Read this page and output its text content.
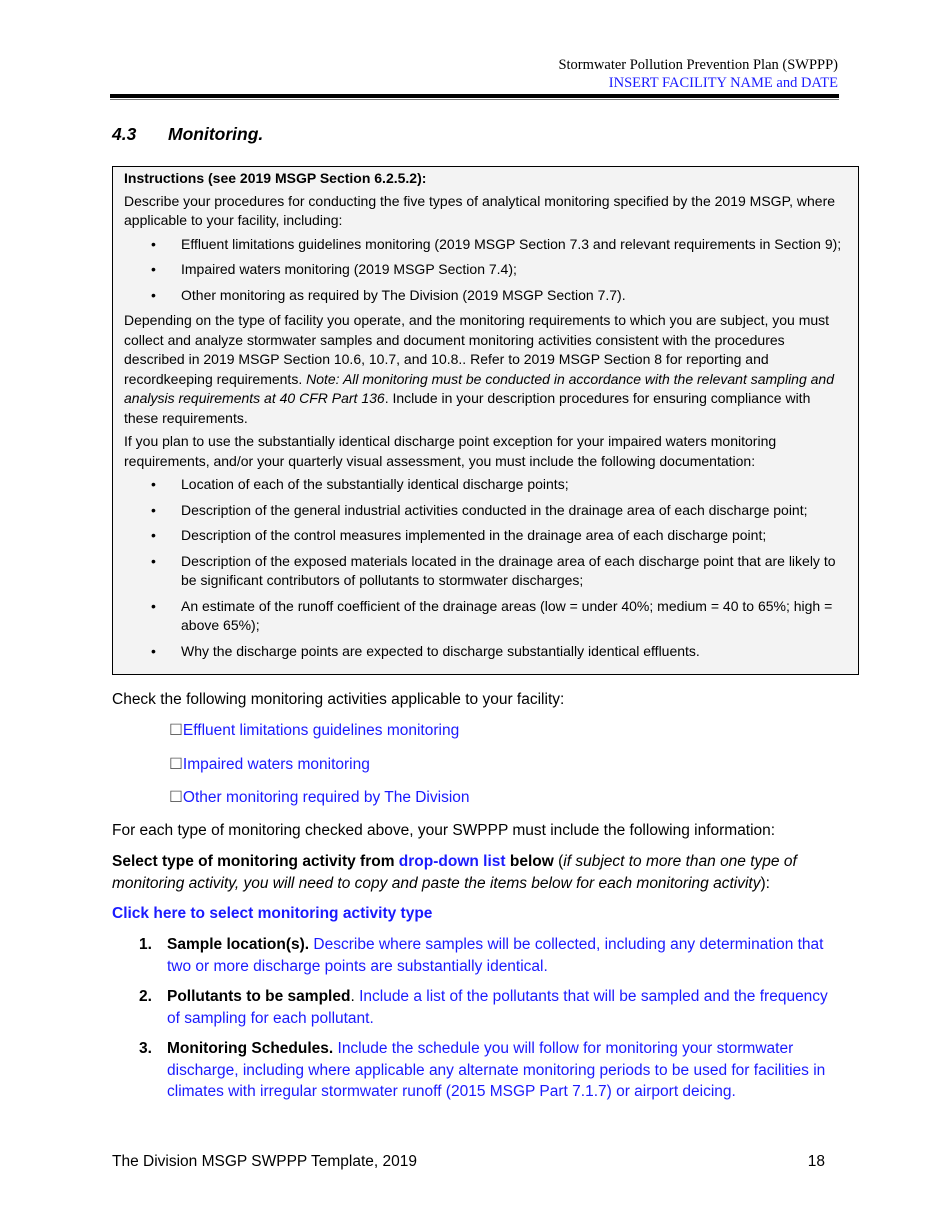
Stormwater Pollution Prevention Plan (SWPPP)
INSERT FACILITY NAME and DATE
4.3 Monitoring.

Instructions (see 2019 MSGP Section 6.2.5.2):

Describe your procedures for conducting the five types of analytical monitoring specified by the 2019 MSGP, where applicable to your facility, including:

• Effluent limitations guidelines monitoring (2019 MSGP Section 7.3 and relevant requirements in Section 9);
• Impaired waters monitoring (2019 MSGP Section 7.4);
• Other monitoring as required by The Division (2019 MSGP Section 7.7).

Depending on the type of facility you operate, and the monitoring requirements to which you are subject, you must collect and analyze stormwater samples and document monitoring activities consistent with the procedures described in 2019 MSGP Section 10.6, 10.7, and 10.8.. Refer to 2019 MSGP Section 8 for reporting and recordkeeping requirements. Note: All monitoring must be conducted in accordance with the relevant sampling and analysis requirements at 40 CFR Part 136. Include in your description procedures for ensuring compliance with these requirements.

If you plan to use the substantially identical discharge point exception for your impaired waters monitoring requirements, and/or your quarterly visual assessment, you must include the following documentation:

• Location of each of the substantially identical discharge points;
• Description of the general industrial activities conducted in the drainage area of each discharge point;
• Description of the control measures implemented in the drainage area of each discharge point;
• Description of the exposed materials located in the drainage area of each discharge point that are likely to be significant contributors of pollutants to stormwater discharges;
• An estimate of the runoff coefficient of the drainage areas (low = under 40%; medium = 40 to 65%; high = above 65%);
• Why the discharge points are expected to discharge substantially identical effluents.
Check the following monitoring activities applicable to your facility:
☐Effluent limitations guidelines monitoring
☐Impaired waters monitoring
☐Other monitoring required by The Division
For each type of monitoring checked above, your SWPPP must include the following information:
Select type of monitoring activity from drop-down list below (if subject to more than one type of monitoring activity, you will need to copy and paste the items below for each monitoring activity):
Click here to select monitoring activity type
1. Sample location(s). Describe where samples will be collected, including any determination that two or more discharge points are substantially identical.
2. Pollutants to be sampled. Include a list of the pollutants that will be sampled and the frequency of sampling for each pollutant.
3. Monitoring Schedules. Include the schedule you will follow for monitoring your stormwater discharge, including where applicable any alternate monitoring periods to be used for facilities in climates with irregular stormwater runoff (2015 MSGP Part 7.1.7) or airport deicing.
The Division MSGP SWPPP Template, 2019	18
